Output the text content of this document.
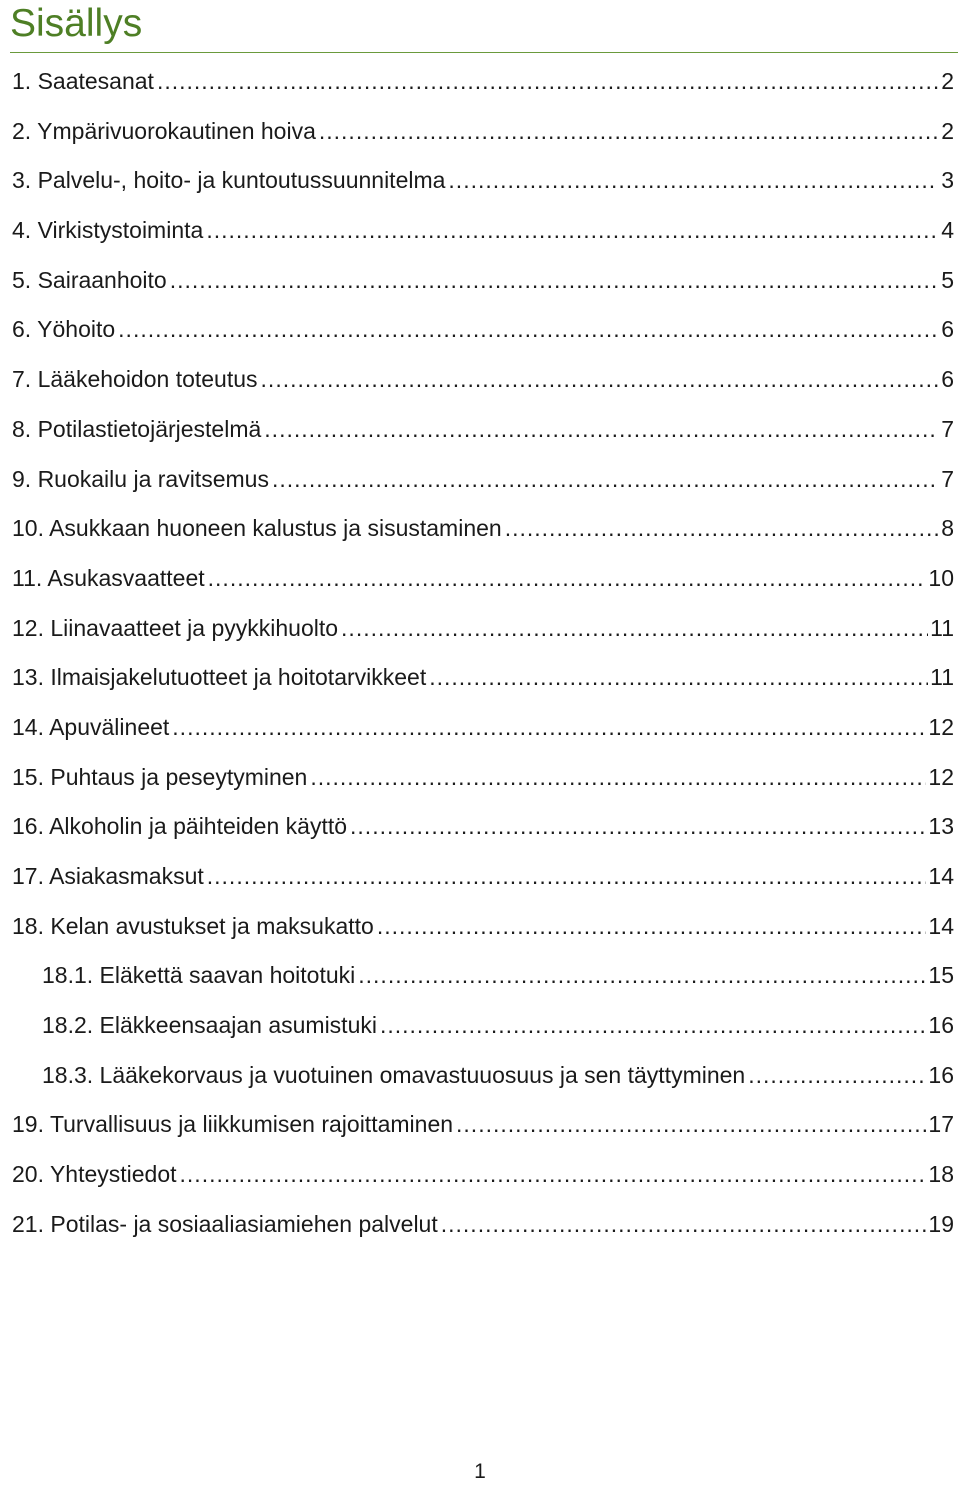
Sisällys
1. Saatesanat .....	2
2. Ympärivuorokautinen hoiva .....	2
3. Palvelu-, hoito- ja kuntoutussuunnitelma .....	3
4. Virkistystoiminta .....	4
5. Sairaanhoito .....	5
6. Yöhoito .....	6
7. Lääkehoidon toteutus .....	6
8. Potilastietojärjestelmä .....	7
9. Ruokailu ja ravitsemus .....	7
10. Asukkaan huoneen kalustus ja sisustaminen .....	8
11. Asukasvaatteet .....	10
12. Liinavaatteet ja pyykkihuolto .....	11
13. Ilmaisjakelutuotteet ja hoitotarvikkeet .....	11
14. Apuvälineet .....	12
15. Puhtaus ja peseytyminen .....	12
16. Alkoholin ja päihteiden käyttö .....	13
17. Asiakasmaksut .....	14
18. Kelan avustukset ja maksukatto .....	14
18.1. Eläkettä saavan hoitotuki .....	15
18.2. Eläkkeensaajan asumistuki .....	16
18.3. Lääkekorvaus ja vuotuinen omavastuuosuus ja sen täyttyminen .....	16
19. Turvallisuus ja liikkumisen rajoittaminen .....	17
20. Yhteystiedot .....	18
21. Potilas- ja sosiaaliasiamiehen palvelut .....	19
1
